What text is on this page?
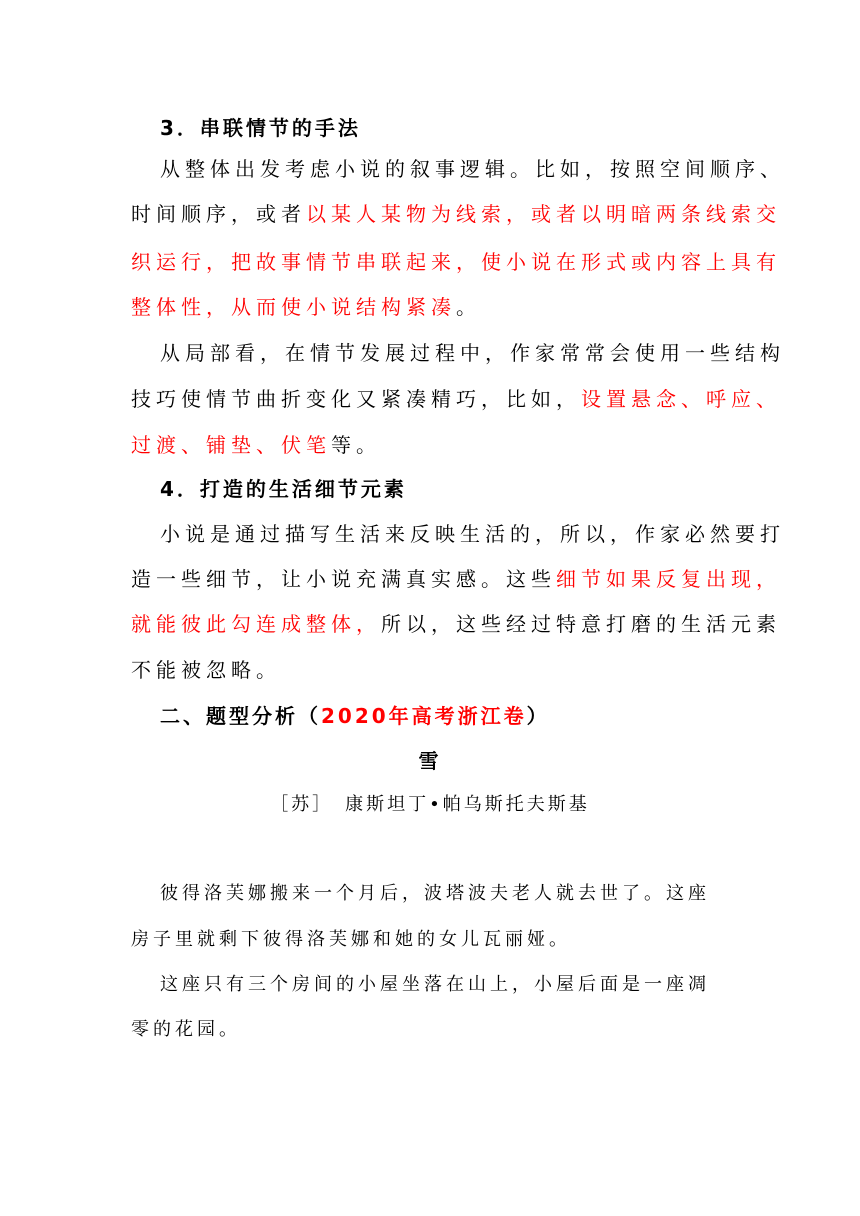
3．串联情节的手法
从整体出发考虑小说的叙事逻辑。比如，按照空间顺序、
时间顺序，或者以某人某物为线索，或者以明暗两条线索交
织运行，把故事情节串联起来，使小说在形式或内容上具有
整体性，从而使小说结构紧凑。
从局部看，在情节发展过程中，作家常常会使用一些结构
技巧使情节曲折变化又紧凑精巧，比如，设置悬念、呼应、
过渡、铺垫、伏笔等。
4．打造的生活细节元素
小说是通过描写生活来反映生活的，所以，作家必然要打
造一些细节，让小说充满真实感。这些细节如果反复出现，
就能彼此勾连成整体，所以，这些经过特意打磨的生活元素
不能被忽略。
二、题型分析（2020年高考浙江卷）
雪
［苏］　康斯坦丁•帕乌斯托夫斯基
彼得洛芙娜搬来一个月后，波塔波夫老人就去世了。这座
房子里就剩下彼得洛芙娜和她的女儿瓦丽娅。
这座只有三个房间的小屋坐落在山上，小屋后面是一座凋
零的花园。
